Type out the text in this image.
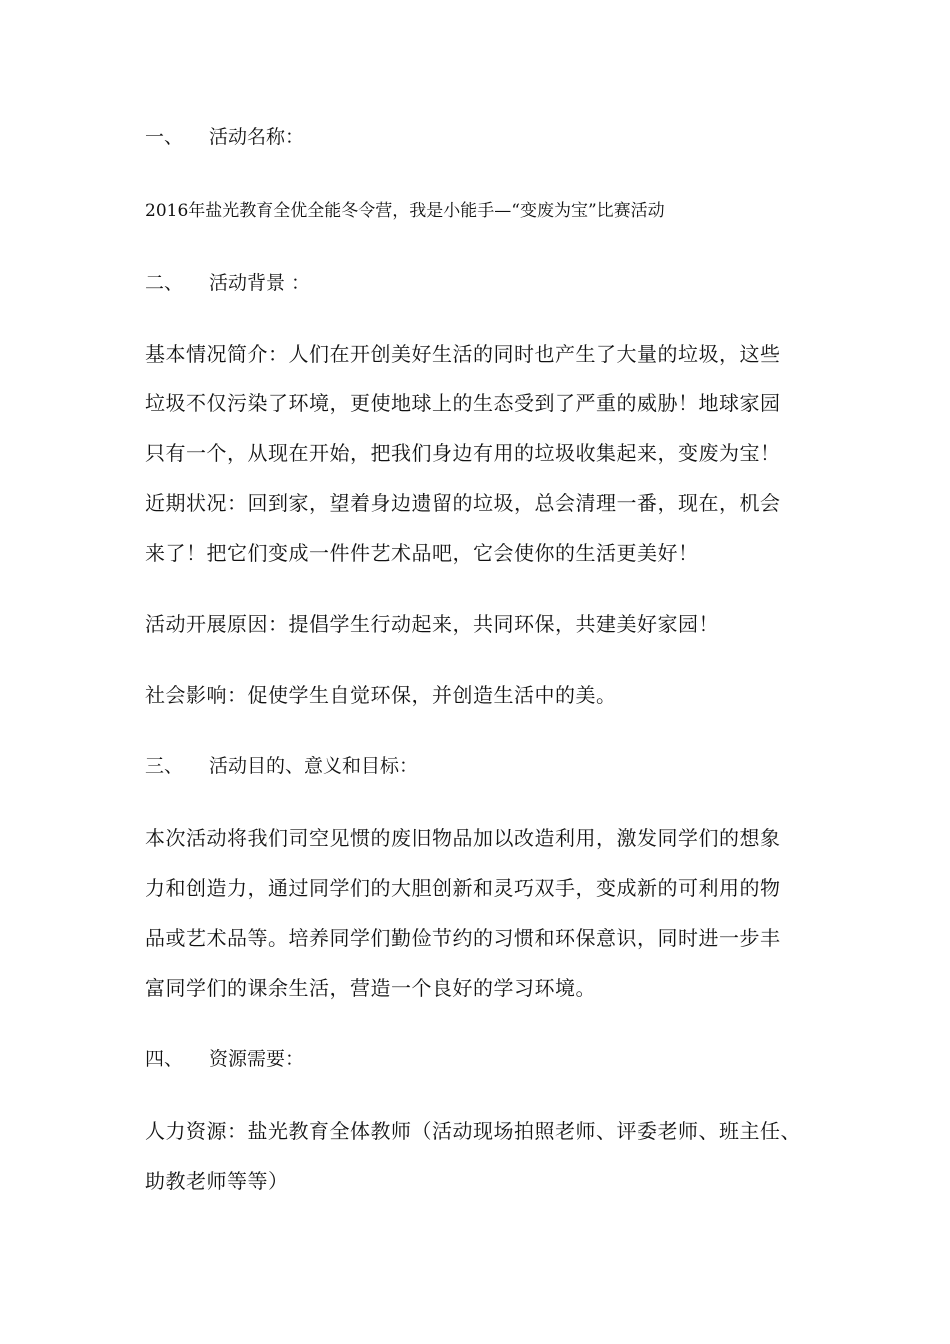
一、 活动名称：
2016年盐光教育全优全能冬令营，我是小能手—“变废为宝”比赛活动
二、 活动背景 ：
基本情况简介：人们在开创美好生活的同时也产生了大量的垃圾，这些
垃圾不仅污染了环境，更使地球上的生态受到了严重的威胁！地球家园
只有一个，从现在开始，把我们身边有用的垃圾收集起来，变废为宝！
近期状况：回到家，望着身边遗留的垃圾，总会清理一番，现在，机会
来了！把它们变成一件件艺术品吧，它会使你的生活更美好！
活动开展原因：提倡学生行动起来，共同环保，共建美好家园！
社会影响：促使学生自觉环保，并创造生活中的美。
三、 活动目的、意义和目标：
本次活动将我们司空见惯的废旧物品加以改造利用，激发同学们的想象
力和创造力，通过同学们的大胆创新和灵巧双手，变成新的可利用的物
品或艺术品等。培养同学们勤俭节约的习惯和环保意识，同时进一步丰
富同学们的课余生活，营造一个良好的学习环境。
四、 资源需要：
人力资源：盐光教育全体教师（活动现场拍照老师、评委老师、班主任、
助教老师等等）
